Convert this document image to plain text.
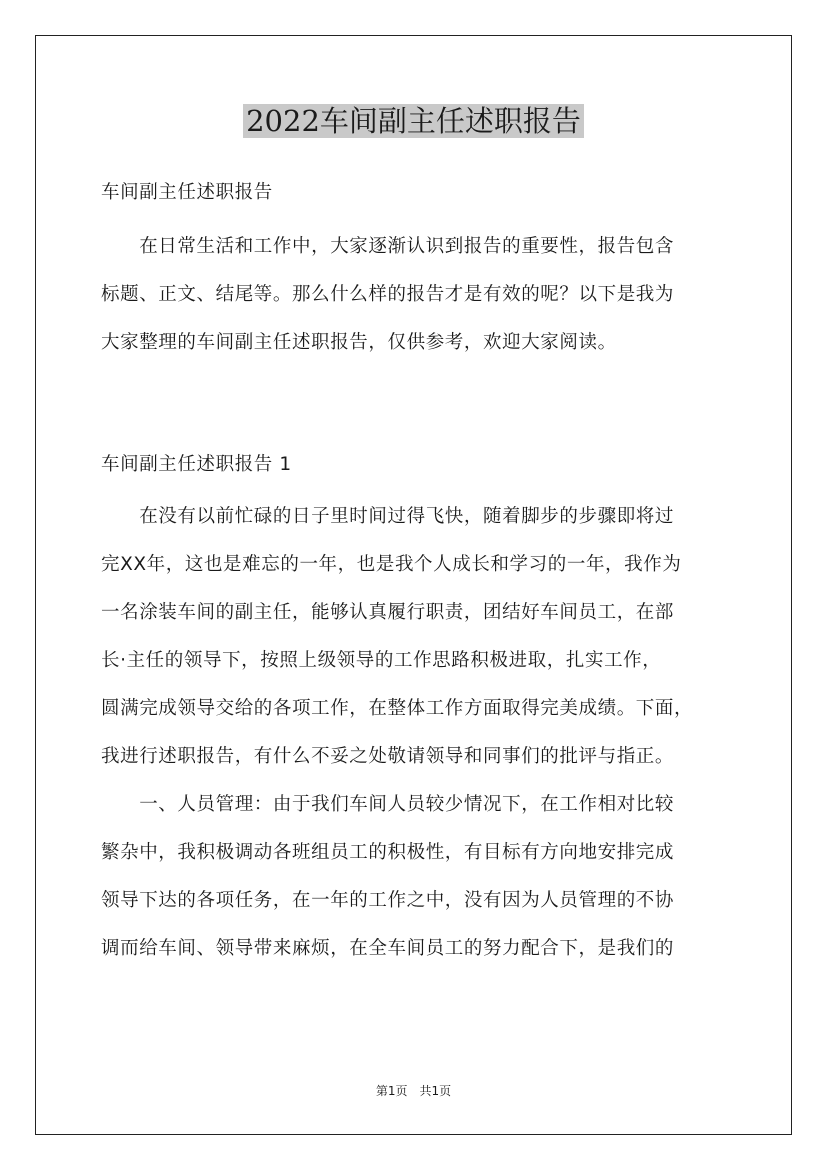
2022车间副主任述职报告
车间副主任述职报告
　　在日常生活和工作中，大家逐渐认识到报告的重要性，报告包含
标题、正文、结尾等。那么什么样的报告才是有效的呢？以下是我为
大家整理的车间副主任述职报告，仅供参考，欢迎大家阅读。
车间副主任述职报告 1
　　在没有以前忙碌的日子里时间过得飞快，随着脚步的步骤即将过
完XX年，这也是难忘的一年，也是我个人成长和学习的一年，我作为
一名涂装车间的副主任，能够认真履行职责，团结好车间员工，在部
长·主任的领导下，按照上级领导的工作思路积极进取，扎实工作，
圆满完成领导交给的各项工作，在整体工作方面取得完美成绩。下面，
我进行述职报告，有什么不妥之处敬请领导和同事们的批评与指正。
　　一、人员管理：由于我们车间人员较少情况下，在工作相对比较
繁杂中，我积极调动各班组员工的积极性，有目标有方向地安排完成
领导下达的各项任务，在一年的工作之中，没有因为人员管理的不协
调而给车间、领导带来麻烦，在全车间员工的努力配合下，是我们的
第1页　共1页
